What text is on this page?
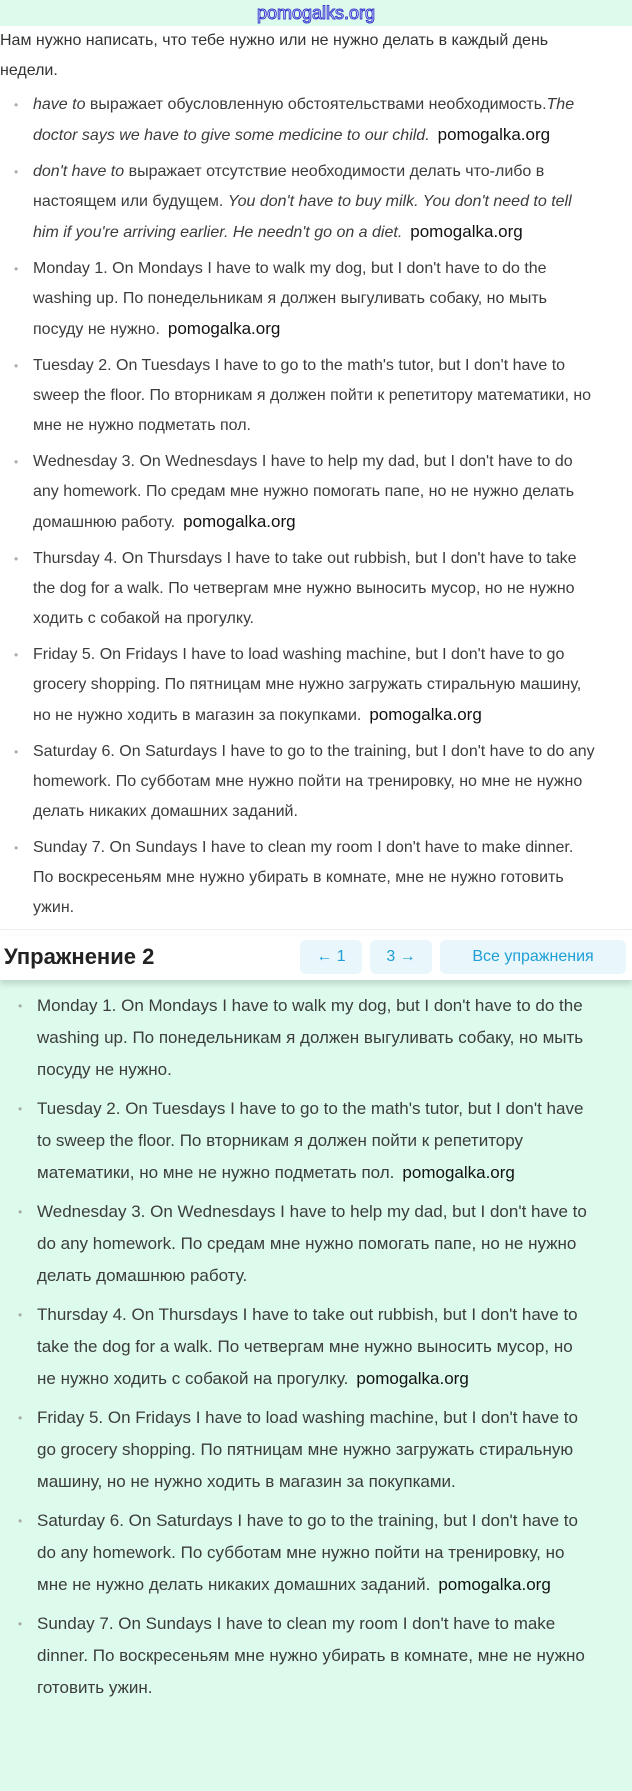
pomogalks.org
Нам нужно написать, что тебе нужно или не нужно делать в каждый день недели.
• have to выражает обусловленную обстоятельствами необходимость.The doctor says we have to give some medicine to our child. pomogalka.org
• don't have to выражает отсутствие необходимости делать что-либо в настоящем или будущем. You don't have to buy milk. You don't need to tell him if you're arriving earlier. He needn't go on a diet. pomogalka.org
• Monday 1. On Mondays I have to walk my dog, but I don't have to do the washing up. По понедельникам я должен выгуливать собаку, но мыть посуду не нужно. pomogalka.org
• Tuesday 2. On Tuesdays I have to go to the math's tutor, but I don't have to sweep the floor. По вторникам я должен пойти к репетитору математики, но мне не нужно подметать пол.
• Wednesday 3. On Wednesdays I have to help my dad, but I don't have to do any homework. По средам мне нужно помогать папе, но не нужно делать домашнюю работу. pomogalka.org
• Thursday 4. On Thursdays I have to take out rubbish, but I don't have to take the dog for a walk. По четвергам мне нужно выносить мусор, но не нужно ходить с собакой на прогулку.
• Friday 5. On Fridays I have to load washing machine, but I don't have to go grocery shopping. По пятницам мне нужно загружать стиральную машину, но не нужно ходить в магазин за покупками. pomogalka.org
• Saturday 6. On Saturdays I have to go to the training, but I don't have to do any homework. По субботам мне нужно пойти на тренировку, но мне не нужно делать никаких домашних заданий.
• Sunday 7. On Sundays I have to clean my room I don't have to make dinner. По воскресеньям мне нужно убирать в комнате, мне не нужно готовить ужин.
Упражнение 2	← 1	3 →	Все упражнения
• Monday 1. On Mondays I have to walk my dog, but I don't have to do the washing up. По понедельникам я должен выгуливать собаку, но мыть посуду не нужно.
• Tuesday 2. On Tuesdays I have to go to the math's tutor, but I don't have to sweep the floor. По вторникам я должен пойти к репетитору математики, но мне не нужно подметать пол. pomogalka.org
• Wednesday 3. On Wednesdays I have to help my dad, but I don't have to do any homework. По средам мне нужно помогать папе, но не нужно делать домашнюю работу.
• Thursday 4. On Thursdays I have to take out rubbish, but I don't have to take the dog for a walk. По четвергам мне нужно выносить мусор, но не нужно ходить с собакой на прогулку. pomogalka.org
• Friday 5. On Fridays I have to load washing machine, but I don't have to go grocery shopping. По пятницам мне нужно загружать стиральную машину, но не нужно ходить в магазин за покупками.
• Saturday 6. On Saturdays I have to go to the training, but I don't have to do any homework. По субботам мне нужно пойти на тренировку, но мне не нужно делать никаких домашних заданий. pomogalka.org
• Sunday 7. On Sundays I have to clean my room I don't have to make dinner. По воскресеньям мне нужно убирать в комнате, мне не нужно готовить ужин.
